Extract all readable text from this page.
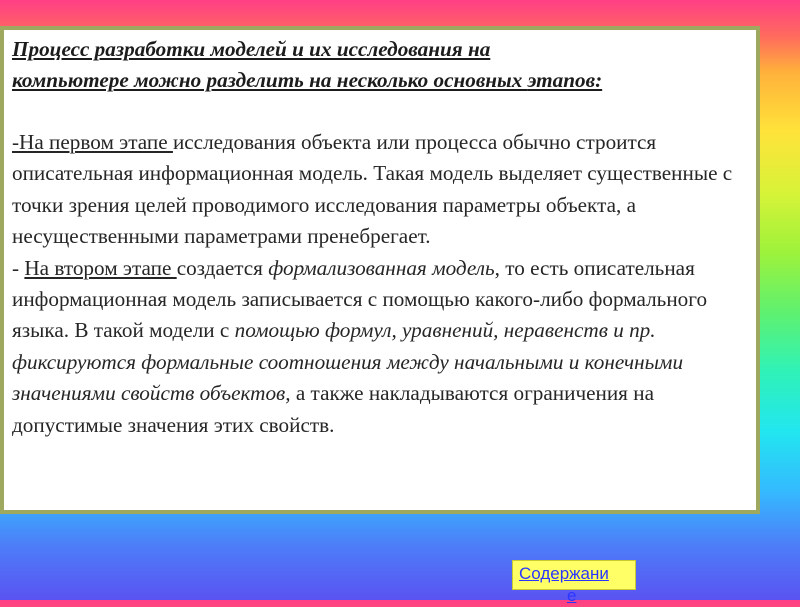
Процесс разработки моделей и их исследования на
компьютере можно разделить на несколько основных этапов:

-На первом этапе исследования объекта или процесса обычно строится описательная информационная модель. Такая модель выделяет существенные с точки зрения целей проводимого исследования параметры объекта, а несущественными параметрами пренебрегает.

- На втором этапе создается формализованная модель, то есть описательная информационная модель записывается с помощью какого-либо формального языка. В такой модели с помощью формул, уравнений, неравенств и пр. фиксируются формальные соотношения между начальными и конечными значениями свойств объектов, а также накладываются ограничения на допустимые значения этих свойств.

Содержани
е
